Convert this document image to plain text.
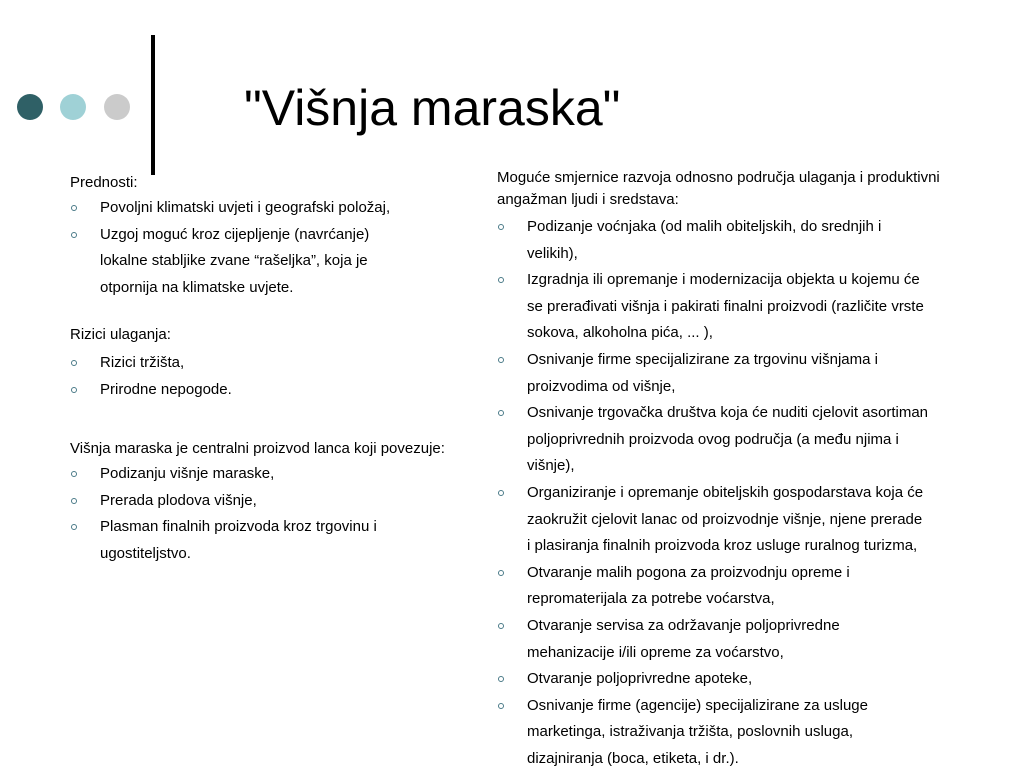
"Višnja maraska"

Prednosti:

Povoljni klimatski uvjeti i geografski položaj,
Uzgoj moguć kroz cijepljenje (navrćanje)
lokalne stabljike zvane “rašeljka”, koja je
otpornija na klimatske uvjete.

Rizici ulaganja:

Rizici tržišta,
Prirodne nepogode.

Višnja maraska je centralni proizvod lanca koji povezuje:

Podizanju višnje maraske,
Prerada plodova višnje,
Plasman finalnih proizvoda kroz trgovinu i
ugostiteljstvo.

Moguće smjernice razvoja odnosno područja ulaganja i produktivni angažman ljudi i sredstava:

Podizanje voćnjaka (od malih obiteljskih, do srednjih i
velikih),
Izgradnja ili opremanje i modernizacija objekta u kojemu će
se prerađivati višnja i pakirati finalni proizvodi (različite vrste
sokova, alkoholna pića, ... ),
Osnivanje firme specijalizirane za trgovinu višnjama i
proizvodima od višnje,
Osnivanje trgovačka društva koja će nuditi cjelovit asortiman
poljoprivrednih proizvoda ovog područja (a među njima i
višnje),
Organiziranje i opremanje obiteljskih gospodarstava koja će
zaokružit cjelovit lanac od proizvodnje višnje, njene prerade
i plasiranja finalnih proizvoda kroz usluge ruralnog turizma,
Otvaranje malih pogona za proizvodnju opreme i
repromaterijala za potrebe voćarstva,
Otvaranje servisa za održavanje poljoprivredne
mehanizacije i/ili opreme za voćarstvo,
Otvaranje poljoprivredne apoteke,
Osnivanje firme (agencije) specijalizirane za usluge
marketinga, istraživanja tržišta, poslovnih usluga,
dizajniranja (boca, etiketa, i dr.).
